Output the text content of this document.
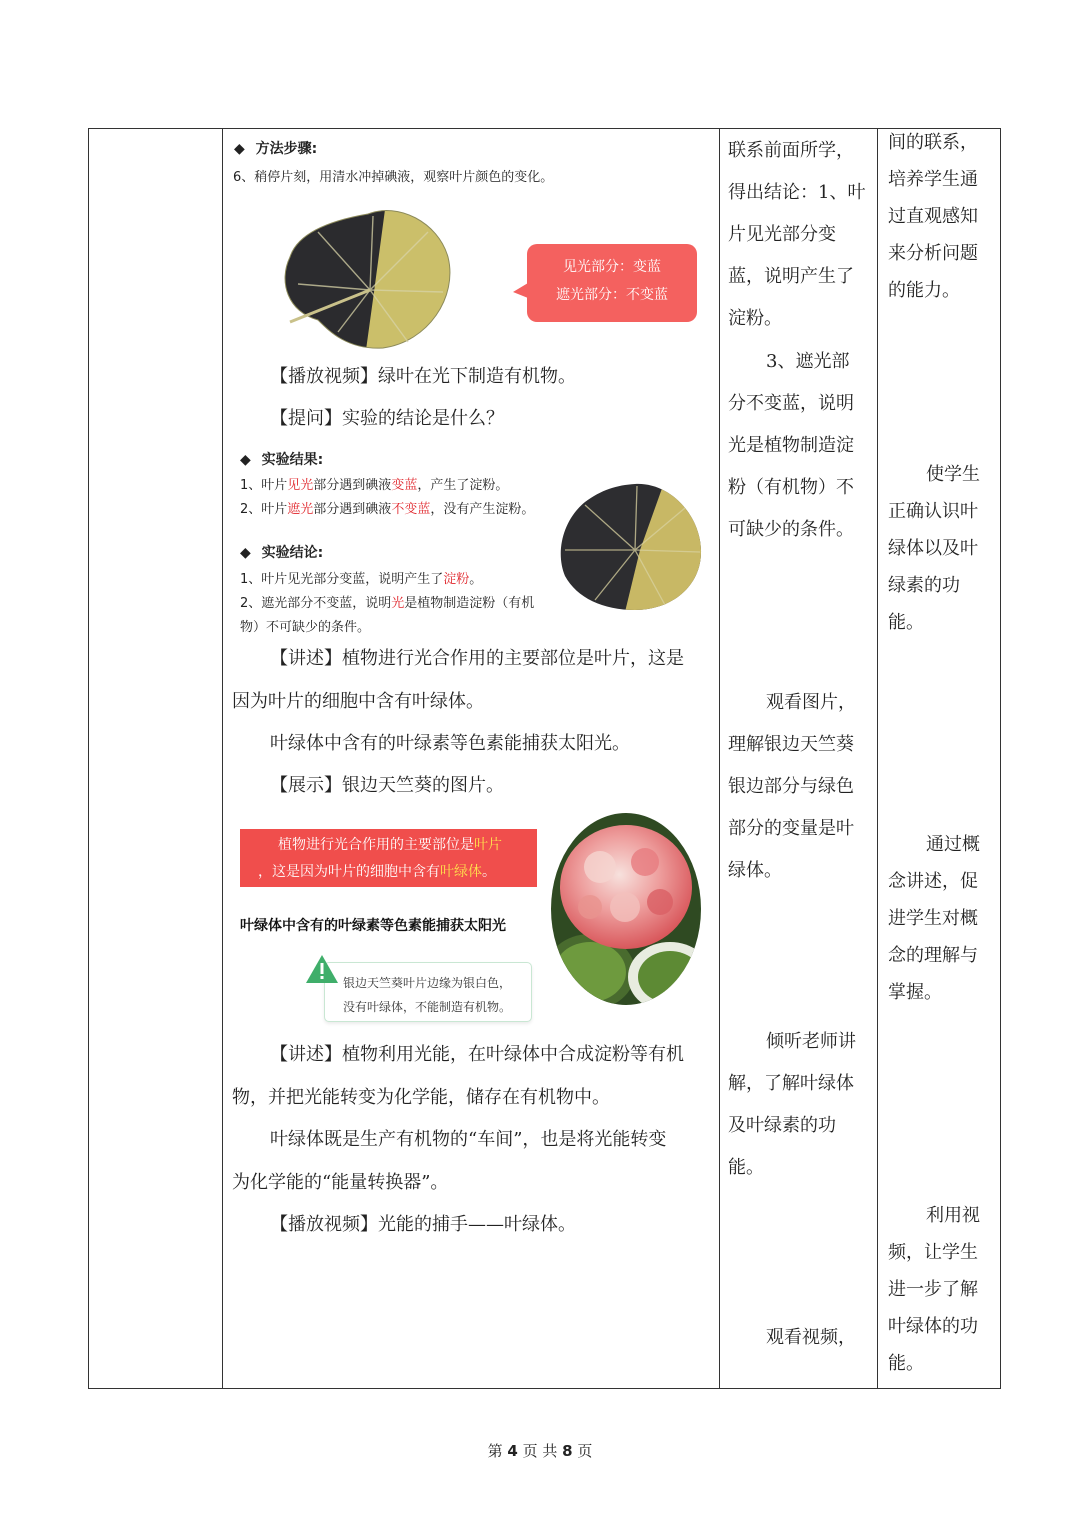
◆ 方法步骤:
6、稍停片刻，用清水冲掉碘液，观察叶片颜色的变化。
见光部分：变蓝
遮光部分：不变蓝
【播放视频】绿叶在光下制造有机物。
【提问】实验的结论是什么？
◆ 实验结果:
1、叶片见光部分遇到碘液变蓝，产生了淀粉。
2、叶片遮光部分遇到碘液不变蓝，没有产生淀粉。
◆ 实验结论:
1、叶片见光部分变蓝，说明产生了淀粉。
2、遮光部分不变蓝，说明光是植物制造淀粉（有机
物）不可缺少的条件。
【讲述】植物进行光合作用的主要部位是叶片，这是
因为叶片的细胞中含有叶绿体。
叶绿体中含有的叶绿素等色素能捕获太阳光。
【展示】银边天竺葵的图片。
植物进行光合作用的主要部位是叶片
，这是因为叶片的细胞中含有叶绿体。
叶绿体中含有的叶绿素等色素能捕获太阳光
银边天竺葵叶片边缘为银白色，
没有叶绿体，不能制造有机物。
【讲述】植物利用光能，在叶绿体中合成淀粉等有机
物，并把光能转变为化学能，储存在有机物中。
叶绿体既是生产有机物的“车间”，也是将光能转变
为化学能的“能量转换器”。
【播放视频】光能的捕手——叶绿体。
联系前面所学，
得出结论：1、叶
片见光部分变
蓝，说明产生了
淀粉。
3、遮光部
分不变蓝，说明
光是植物制造淀
粉（有机物）不
可缺少的条件。
观看图片，
理解银边天竺葵
银边部分与绿色
部分的变量是叶
绿体。
倾听老师讲
解，了解叶绿体
及叶绿素的功
能。
观看视频，
间的联系，
培养学生通
过直观感知
来分析问题
的能力。
使学生
正确认识叶
绿体以及叶
绿素的功
能。
通过概
念讲述，促
进学生对概
念的理解与
掌握。
利用视
频，让学生
进一步了解
叶绿体的功
能。
第 4 页 共 8 页
